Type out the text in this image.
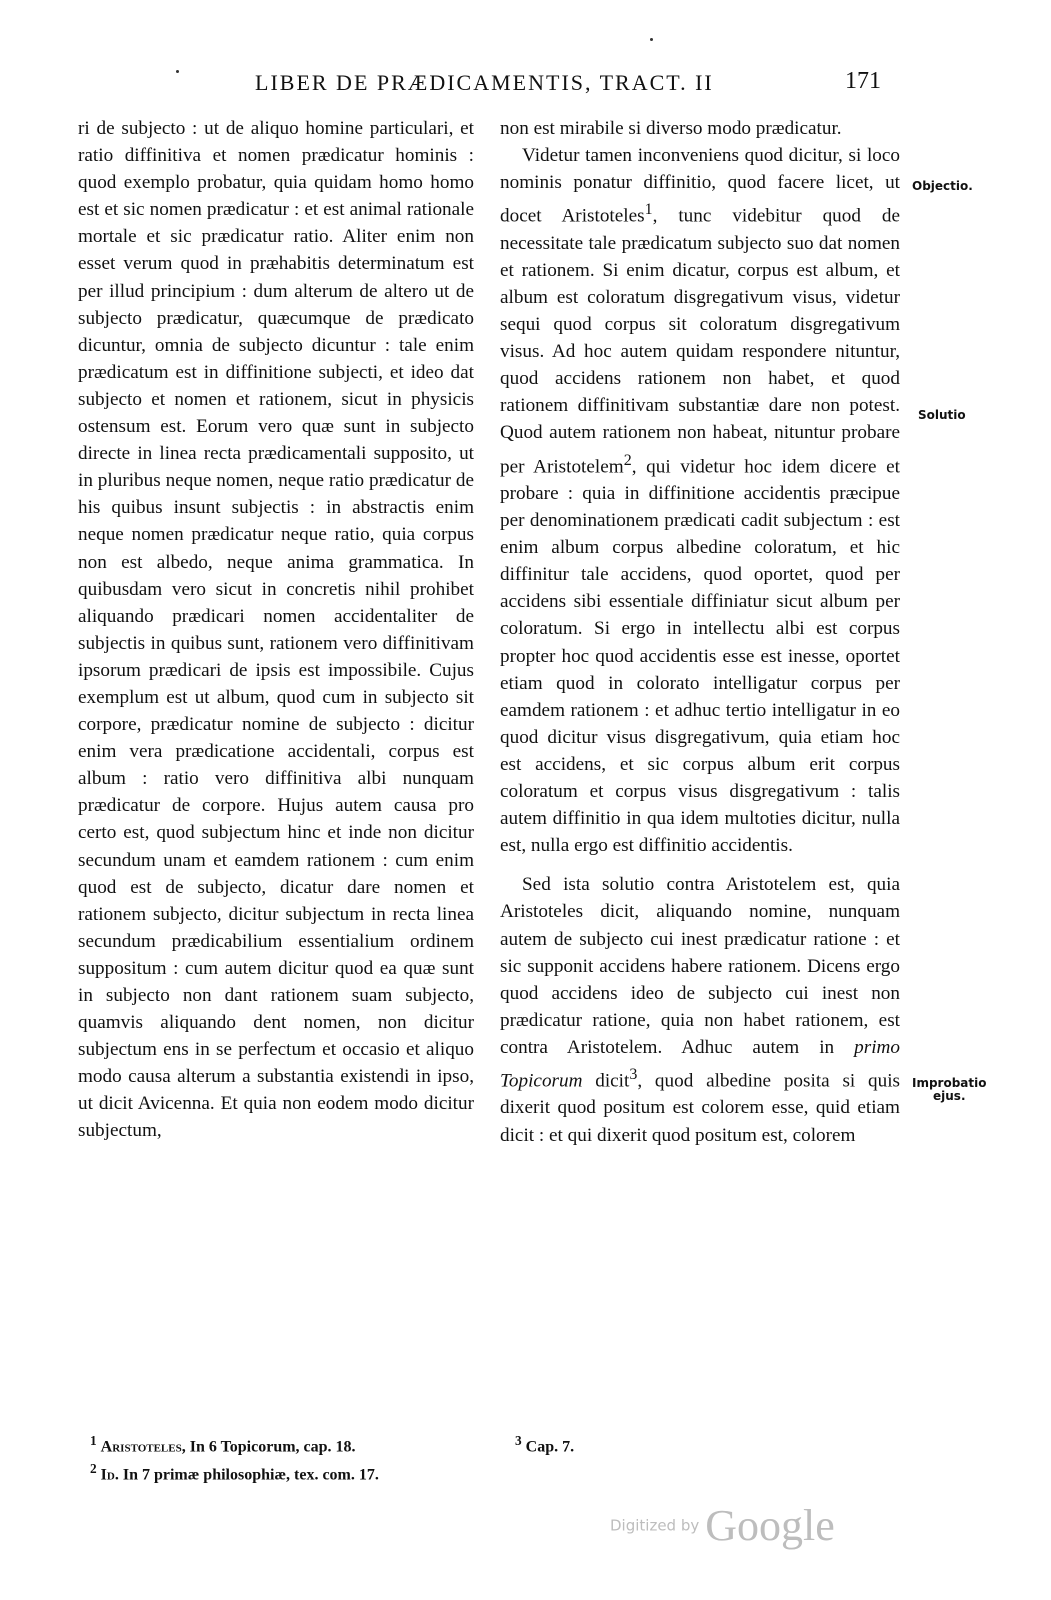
LIBER DE PRÆDICAMENTIS, TRACT. II	171

ri de subjecto : ut de aliquo homine particulari, et ratio diffinitiva et nomen prædicatur hominis : quod exemplo probatur, quia quidam homo homo est et sic nomen prædicatur : et est animal rationale mortale et sic prædicatur ratio. Aliter enim non esset verum quod in præhabitis determinatum est per illud principium : dum alterum de altero ut de subjecto prædicatur, quæcumque de prædicato dicuntur, omnia de subjecto dicuntur : tale enim prædicatum est in diffinitione subjecti, et ideo dat subjecto et nomen et rationem, sicut in physicis ostensum est. Eorum vero quæ sunt in subjecto directe in linea recta prædicamentali supposito, ut in pluribus neque nomen, neque ratio prædicatur de his quibus insunt subjectis : in abstractis enim neque nomen prædicatur neque ratio, quia corpus non est albedo, neque anima grammatica. In quibusdam vero sicut in concretis nihil prohibet aliquando prædicari nomen accidentaliter de subjectis in quibus sunt, rationem vero diffinitivam ipsorum prædicari de ipsis est impossibile. Cujus exemplum est ut album, quod cum in subjecto sit corpore, prædicatur nomine de subjecto : dicitur enim vera prædicatione accidentali, corpus est album : ratio vero diffinitiva albi nunquam prædicatur de corpore. Hujus autem causa pro certo est, quod subjectum hinc et inde non dicitur secundum unam et eamdem rationem : cum enim quod est de subjecto, dicatur dare nomen et rationem subjecto, dicitur subjectum in recta linea secundum prædicabilium essentialium ordinem suppositum : cum autem dicitur quod ea quæ sunt in subjecto non dant rationem suam subjecto, quamvis aliquando dent nomen, non dicitur subjectum ens in se perfectum et occasio et aliquo modo causa alterum a substantia existendi in ipso, ut dicit Avicenna. Et quia non eodem modo dicitur subjectum,

non est mirabile si diverso modo prædicatur.

Videtur tamen inconveniens quod dicitur, si loco nominis ponatur diffinitio, quod facere licet, ut docet Aristoteles$^1$, tunc videbitur quod de necessitate tale prædicatum subjecto suo dat nomen et rationem. Si enim dicatur, corpus est album, et album est coloratum disgregativum visus, videtur sequi quod corpus sit coloratum disgregativum visus. Ad hoc autem quidam respondere nituntur, quod accidens rationem non habet, et quod rationem diffinitivam substantiæ dare non potest. Quod autem rationem non habeat, nituntur probare per Aristotelem$^2$, qui videtur hoc idem dicere et probare : quia in diffinitione accidentis præcipue per denominationem prædicati cadit subjectum : est enim album corpus albedine coloratum, et hic diffinitur tale accidens, quod oportet, quod per accidens sibi essentiale diffiniatur sicut album per coloratum. Si ergo in intellectu albi est corpus propter hoc quod accidentis esse est inesse, oportet etiam quod in colorato intelligatur corpus per eamdem rationem : et adhuc tertio intelligatur in eo quod dicitur visus disgregativum, quia etiam hoc est accidens, et sic corpus album erit corpus coloratum et corpus visus disgregativum : talis autem diffinitio in qua idem multoties dicitur, nulla est, nulla ergo est diffinitio accidentis.

Sed ista solutio contra Aristotelem est, quia Aristoteles dicit, aliquando nomine, nunquam autem de subjecto cui inest prædicatur ratione : et sic supponit accidens habere rationem. Dicens ergo quod accidens ideo de subjecto cui inest non prædicatur ratione, quia non habet rationem, est contra Aristotelem. Adhuc autem in primo Topicorum dicit$^3$, quod albedine posita si quis dixerit quod positum est colorem esse, quid etiam dicit : et qui dixerit quod positum est, colorem

Objectio.
Solutio
Improbatio
ejus.
$^1$ Aristoteles, In 6 Topicorum, cap. 18.
$^2$ Id. In 7 primæ philosophiæ, tex. com. 17.
$^3$ Cap. 7.
Digitized by Google
